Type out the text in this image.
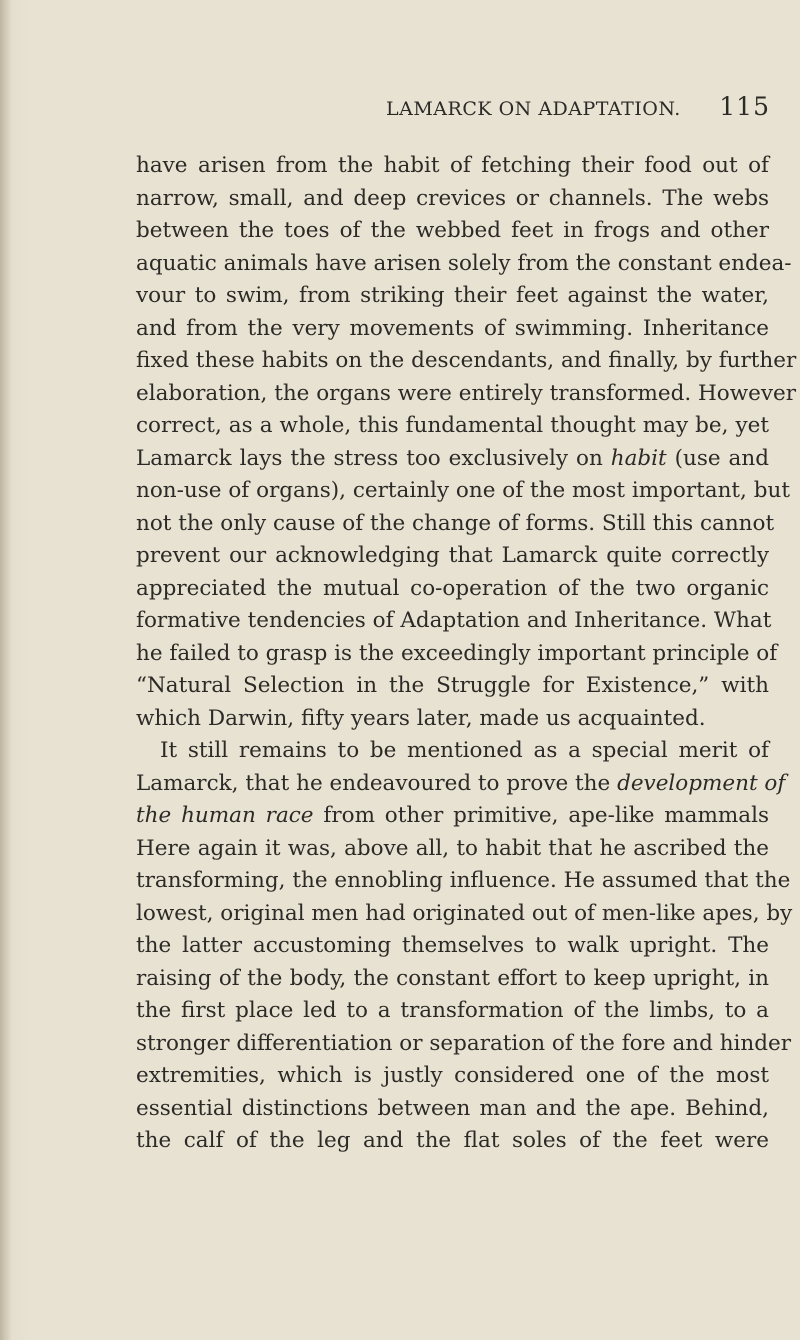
LAMARCK ON ADAPTATION. 115
have arisen from the habit of fetching their food out of
narrow, small, and deep crevices or channels. The webs
between the toes of the webbed feet in frogs and other
aquatic animals have arisen solely from the constant endea-
vour to swim, from striking their feet against the water,
and from the very movements of swimming. Inheritance
fixed these habits on the descendants, and finally, by further
elaboration, the organs were entirely transformed. However
correct, as a whole, this fundamental thought may be, yet
Lamarck lays the stress too exclusively on habit (use and
non-use of organs), certainly one of the most important, but
not the only cause of the change of forms. Still this cannot
prevent our acknowledging that Lamarck quite correctly
appreciated the mutual co-operation of the two organic
formative tendencies of Adaptation and Inheritance. What
he failed to grasp is the exceedingly important principle of
“Natural Selection in the Struggle for Existence,” with
which Darwin, fifty years later, made us acquainted.
It still remains to be mentioned as a special merit of
Lamarck, that he endeavoured to prove the development of
the human race from other primitive, ape-like mammals
Here again it was, above all, to habit that he ascribed the
transforming, the ennobling influence. He assumed that the
lowest, original men had originated out of men-like apes, by
the latter accustoming themselves to walk upright. The
raising of the body, the constant effort to keep upright, in
the first place led to a transformation of the limbs, to a
stronger differentiation or separation of the fore and hinder
extremities, which is justly considered one of the most
essential distinctions between man and the ape. Behind,
the calf of the leg and the flat soles of the feet were
